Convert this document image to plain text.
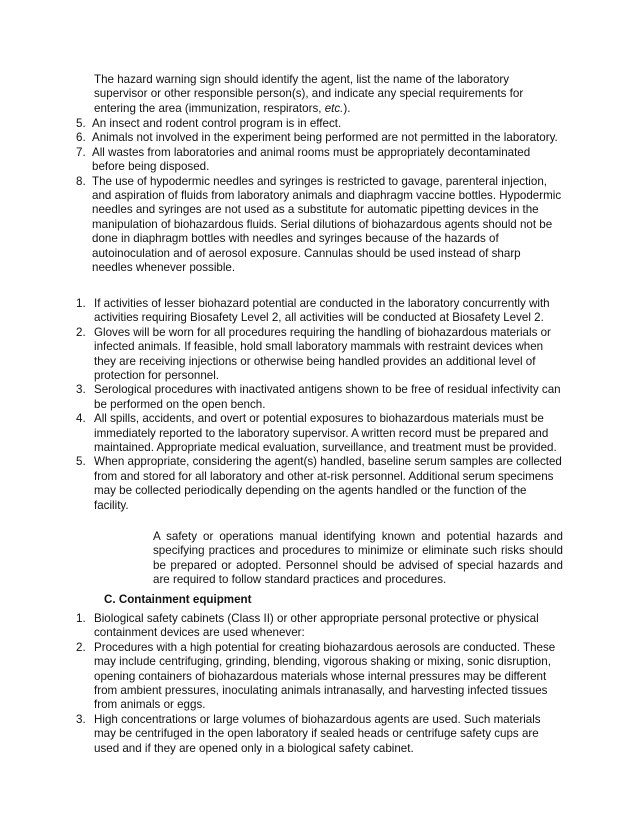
The hazard warning sign should identify the agent, list the name of the laboratory supervisor or other responsible person(s), and indicate any special requirements for entering the area (immunization, respirators, etc.).

5. An insect and rodent control program is in effect.
6. Animals not involved in the experiment being performed are not permitted in the laboratory.
7. All wastes from laboratories and animal rooms must be appropriately decontaminated before being disposed.
8. The use of hypodermic needles and syringes is restricted to gavage, parenteral injection, and aspiration of fluids from laboratory animals and diaphragm vaccine bottles. Hypodermic needles and syringes are not used as a substitute for automatic pipetting devices in the manipulation of biohazardous fluids. Serial dilutions of biohazardous agents should not be done in diaphragm bottles with needles and syringes because of the hazards of autoinoculation and of aerosol exposure. Cannulas should be used instead of sharp needles whenever possible.
1. If activities of lesser biohazard potential are conducted in the laboratory concurrently with activities requiring Biosafety Level 2, all activities will be conducted at Biosafety Level 2.
2. Gloves will be worn for all procedures requiring the handling of biohazardous materials or infected animals. If feasible, hold small laboratory mammals with restraint devices when they are receiving injections or otherwise being handled provides an additional level of protection for personnel.
3. Serological procedures with inactivated antigens shown to be free of residual infectivity can be performed on the open bench.
4. All spills, accidents, and overt or potential exposures to biohazardous materials must be immediately reported to the laboratory supervisor. A written record must be prepared and maintained. Appropriate medical evaluation, surveillance, and treatment must be provided.
5. When appropriate, considering the agent(s) handled, baseline serum samples are collected from and stored for all laboratory and other at-risk personnel. Additional serum specimens may be collected periodically depending on the agents handled or the function of the facility.

A safety or operations manual identifying known and potential hazards and specifying practices and procedures to minimize or eliminate such risks should be prepared or adopted. Personnel should be advised of special hazards and are required to follow standard practices and procedures.

C. Containment equipment
1. Biological safety cabinets (Class II) or other appropriate personal protective or physical containment devices are used whenever:
2. Procedures with a high potential for creating biohazardous aerosols are conducted. These may include centrifuging, grinding, blending, vigorous shaking or mixing, sonic disruption, opening containers of biohazardous materials whose internal pressures may be different from ambient pressures, inoculating animals intranasally, and harvesting infected tissues from animals or eggs.
3. High concentrations or large volumes of biohazardous agents are used. Such materials may be centrifuged in the open laboratory if sealed heads or centrifuge safety cups are used and if they are opened only in a biological safety cabinet.
